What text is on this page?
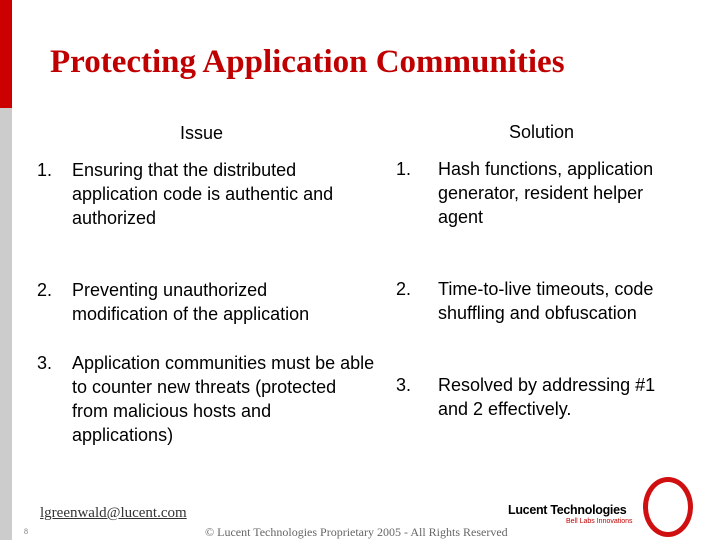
Protecting Application Communities
Issue	Solution
1. Ensuring that the distributed application code is authentic and authorized
2. Preventing unauthorized modification of the application
3. Application communities must be able to counter new threats (protected from malicious hosts and applications)
1. Hash functions, application generator, resident helper agent
2. Time-to-live timeouts, code shuffling and obfuscation
3. Resolved by addressing #1 and 2 effectively.
lgreenwald@lucent.com
8	© Lucent Technologies Proprietary 2005 - All Rights Reserved
Lucent Technologies
Bell Labs Innovations
